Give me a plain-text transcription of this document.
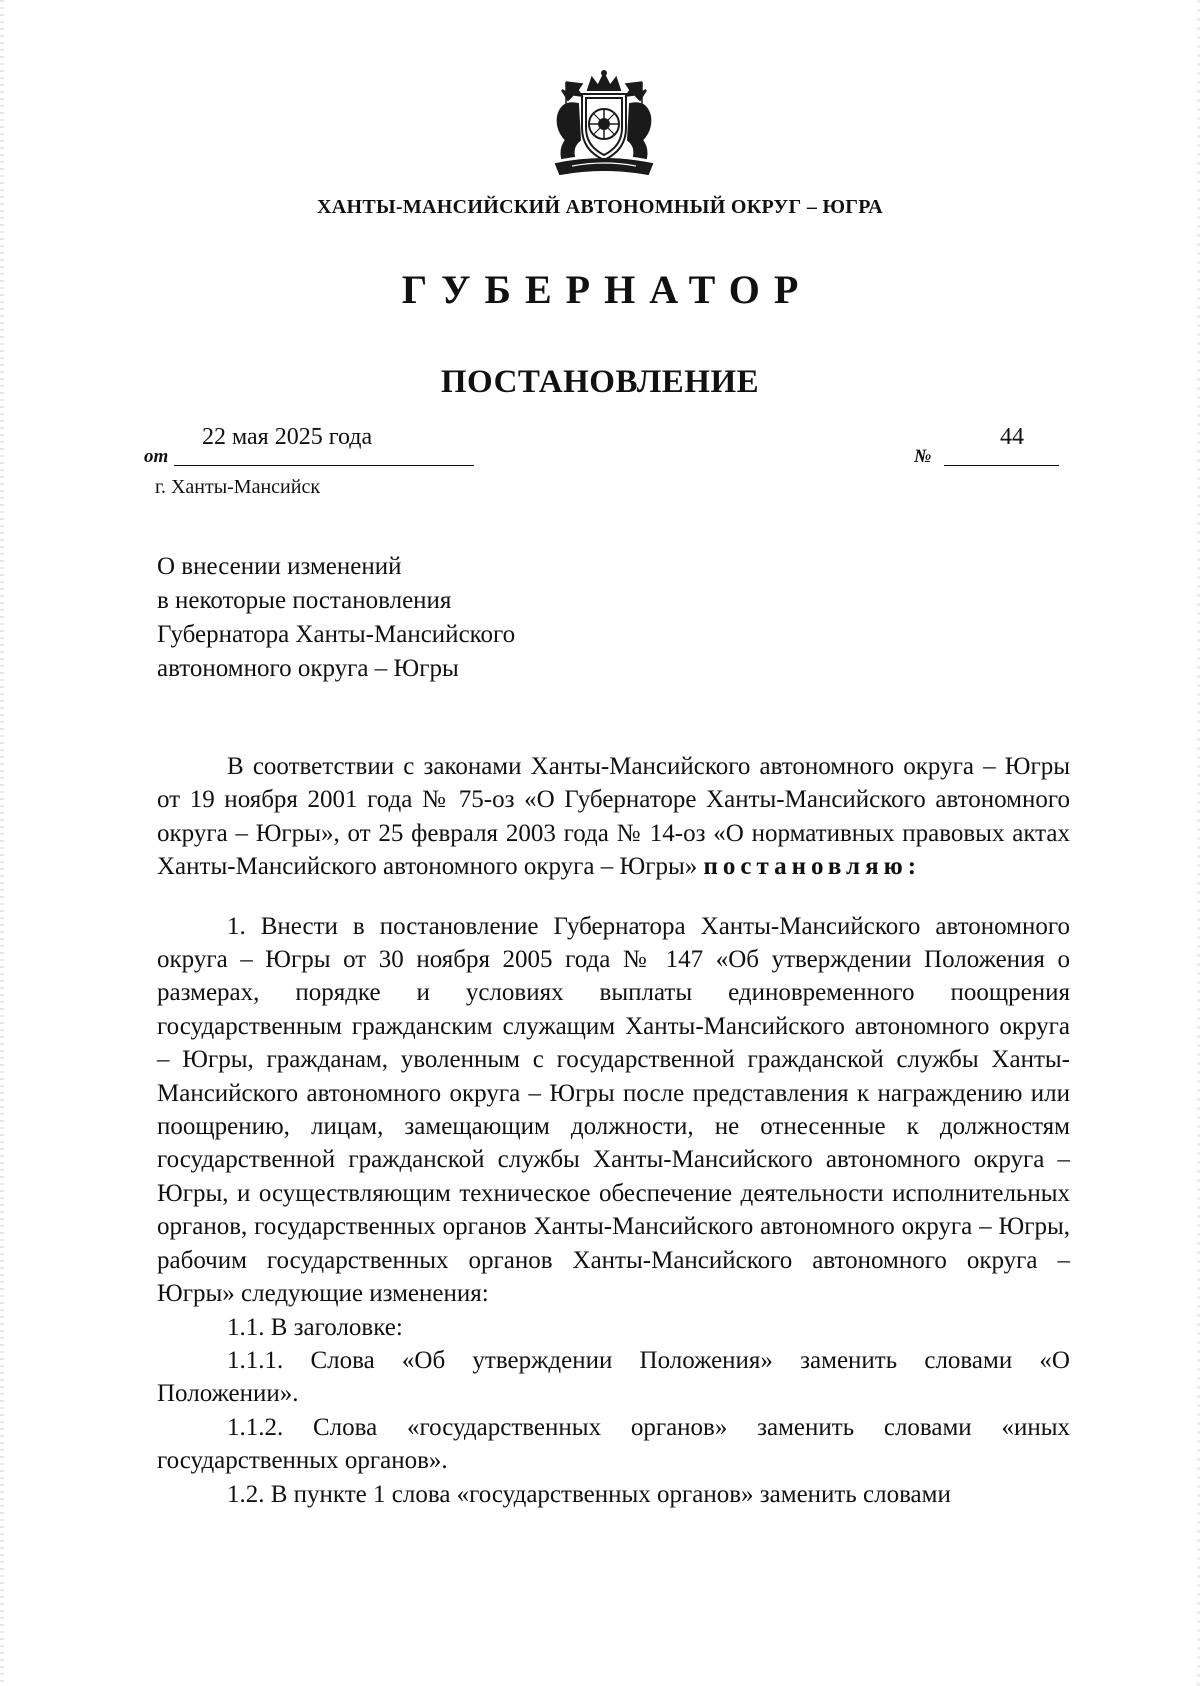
ХАНТЫ-МАНСИЙСКИЙ АВТОНОМНЫЙ ОКРУГ – ЮГРА
ГУБЕРНАТОР
ПОСТАНОВЛЕНИЕ
от
22 мая 2025 года
№
44
г. Ханты-Мансийск
О внесении изменений
в некоторые постановления
Губернатора Ханты-Мансийского
автономного округа – Югры

В соответствии с законами Ханты-Мансийского автономного округа – Югры от 19 ноября 2001 года № 75-оз «О Губернаторе Ханты-Мансийского автономного округа – Югры», от 25 февраля 2003 года № 14-оз «О нормативных правовых актах Ханты-Мансийского автономного округа – Югры» постановляю:

1. Внести в постановление Губернатора Ханты-Мансийского автономного округа – Югры от 30 ноября 2005 года № 147 «Об утверждении Положения о размерах, порядке и условиях выплаты единовременного поощрения государственным гражданским служащим Ханты-Мансийского автономного округа – Югры, гражданам, уволенным с государственной гражданской службы Ханты-Мансийского автономного округа – Югры после представления к награждению или поощрению, лицам, замещающим должности, не отнесенные к должностям государственной гражданской службы Ханты-Мансийского автономного округа – Югры, и осуществляющим техническое обеспечение деятельности исполнительных органов, государственных органов Ханты-Мансийского автономного округа – Югры, рабочим государственных органов Ханты-Мансийского автономного округа – Югры» следующие изменения:

1.1. В заголовке:

1.1.1. Слова «Об утверждении Положения» заменить словами «О Положении».

1.1.2. Слова «государственных органов» заменить словами «иных государственных органов».

1.2. В пункте 1 слова «государственных органов» заменить словами
